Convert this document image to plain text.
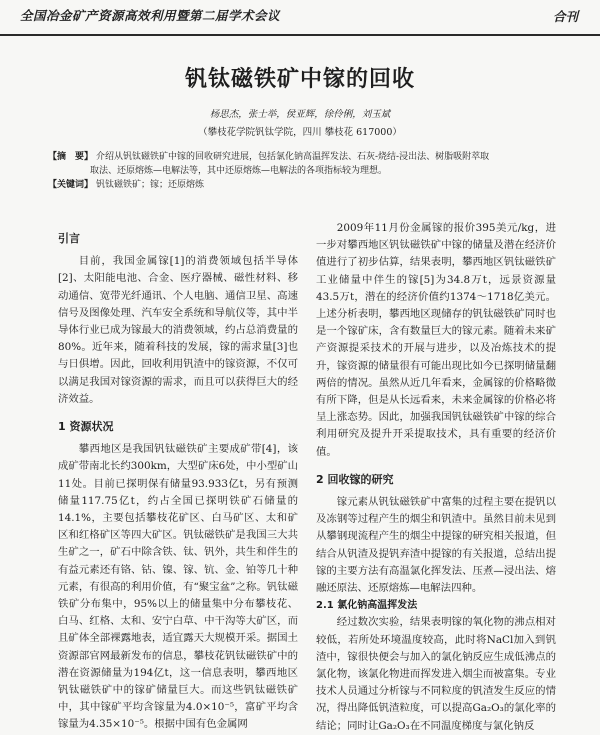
全国冶金矿产资源高效利用暨第二届学术会议	合刊
钒钛磁铁矿中镓的回收
杨思杰，张士举，侯亚辉，徐伶俐，刘玉斌
（攀枝花学院钒钛学院，四川 攀枝花 617000）

【摘　要】 介绍从钒钛磁铁矿中镓的回收研究进展，包括氯化钠高温挥发法、石灰-烧结-浸出法、树脂吸附萃取

取法、还原熔炼—电解法等，其中还原熔炼—电解法的各项指标较为理想。

【关键词】 钒钛磁铁矿；镓；还原熔炼

引言

目前，我国金属镓[1]的消费领域包括半导体[2]、太阳能电池、合金、医疗器械、磁性材料、移动通信、宽带光纤通讯、个人电脑、通信卫星、高速信号及图像处理、汽车安全系统和导航仪等，其中半导体行业已成为镓最大的消费领域，约占总消费量的80%。近年来，随着科技的发展，镓的需求量[3]也与日俱增。因此，回收利用钒渣中的镓资源，不仅可以满足我国对镓资源的需求，而且可以获得巨大的经济效益。

1 资源状况

攀西地区是我国钒钛磁铁矿主要成矿带[4]，该成矿带南北长约300km，大型矿床6处，中小型矿山11处。目前已探明保有储量93.933亿t，另有预测储量117.75亿t，约占全国已探明铁矿石储量的14.1%，主要包括攀枝花矿区、白马矿区、太和矿区和红格矿区等四大矿区。钒钛磁铁矿是我国三大共生矿之一，矿石中除含铁、钛、钒外，共生和伴生的有益元素还有铬、钴、镍、镓、钪、金、铂等几十种元素，有很高的利用价值，有“聚宝盆”之称。钒钛磁铁矿分布集中，95%以上的储量集中分布攀枝花、白马、红格、太和、安宁白草、中干沟等大矿区，而且矿体全部裸露地表，适宜露天大规模开采。据国土资源部官网最新发布的信息，攀枝花钒钛磁铁矿中的潜在资源储量为194亿t，这一信息表明，攀西地区钒钛磁铁矿中的镓矿储量巨大。而这些钒钛磁铁矿中，其中镓矿平均含镓量为4.0×10⁻⁵，富矿平均含镓量为4.35×10⁻⁵。根据中国有色金属网

2009年11月份金属镓的报价395美元/kg，进一步对攀西地区钒钛磁铁矿中镓的储量及潜在经济价值进行了初步估算，结果表明，攀西地区钒钛磁铁矿工业储量中伴生的镓[5]为34.8万t，远景资源量43.5万t，潜在的经济价值约1374～1718亿美元。上述分析表明，攀西地区现储存的钒钛磁铁矿同时也是一个镓矿床，含有数量巨大的镓元素。随着未来矿产资源提采技术的开展与进步，以及冶炼技术的提升，镓资源的储量很有可能出现比如今已探明储量翻两倍的情况。虽然从近几年看来，金属镓的价格略微有所下降，但是从长远看来，未来金属镓的价格必将呈上涨态势。因此，加强我国钒钛磁铁矿中镓的综合利用研究及提升开采提取技术，具有重要的经济价值。

2 回收镓的研究

镓元素从钒钛磁铁矿中富集的过程主要在提钒以及冻钢等过程产生的烟尘和钒渣中。虽然目前未见到从攀钢现流程产生的烟尘中提镓的研究相关报道，但结合从钒渣及提钒弃渣中提镓的有关报道，总结出提镓的主要方法有高温氯化挥发法、压煮—浸出法、熔融还原法、还原熔炼—电解法四种。

2.1 氯化钠高温挥发法

经过数次实验，结果表明镓的氧化物的沸点相对较低，若所处环境温度较高，此时将NaCl加入到钒渣中，镓很快便会与加入的氯化钠反应生成低沸点的氯化物，该氯化物进而挥发进入烟尘而被富集。专业技术人员通过分析镓与不同粒度的钒渣发生反应的情况，得出降低钒渣粒度，可以提高Ga₂O₃的氯化率的结论；同时让Ga₂O₃在不同温度梯度与氯化钠反
